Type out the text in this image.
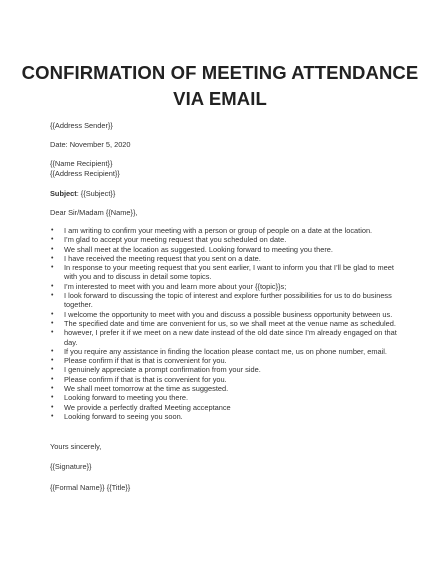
CONFIRMATION OF MEETING ATTENDANCE VIA EMAIL
{{Address Sender}}
Date: November 5, 2020
{{Name Recipient}}
{{Address Recipient}}
Subject: {{Subject}}
Dear Sir/Madam {{Name}},
• I am writing to confirm your meeting with a person or group of people on a date at the location.
• I’m glad to accept your meeting request that you scheduled on date.
• We shall meet at the location as suggested. Looking forward to meeting you there.
• I have received the meeting request that you sent on a date.
• In response to your meeting request that you sent earlier, I want to inform you that I’ll be glad to meet with you and to discuss in detail some topics.
• I’m interested to meet with you and learn more about your {{topic}}s;
• I look forward to discussing the topic of interest and explore further possibilities for us to do business together.
• I welcome the opportunity to meet with you and discuss a possible business opportunity between us.
• The specified date and time are convenient for us, so we shall meet at the venue name as scheduled.
• however, I prefer it if we meet on a new date instead of the old date since I’m already engaged on that day.
• If you require any assistance in finding the location please contact me, us on phone number, email.
• Please confirm if that is that is convenient for you.
• I genuinely appreciate a prompt confirmation from your side.
• Please confirm if that is that is convenient for you.
• We shall meet tomorrow at the time as suggested.
• Looking forward to meeting you there.
• We provide a perfectly drafted Meeting acceptance
• Looking forward to seeing you soon.
Yours sincerely,
{{Signature}}
{{Formal Name}} {{Title}}
